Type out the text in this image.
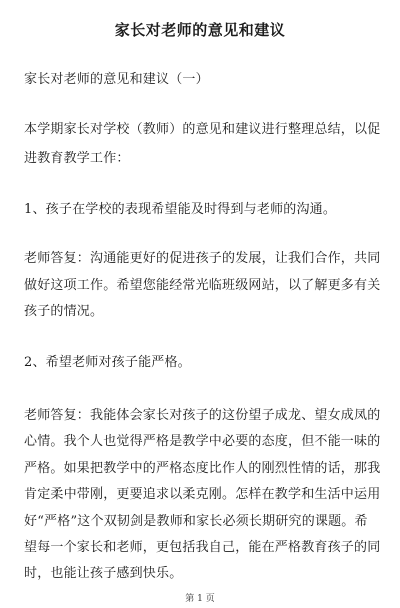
家长对老师的意见和建议
家长对老师的意见和建议（一）
本学期家长对学校（教师）的意见和建议进行整理总结，以促
进教育教学工作：
1、孩子在学校的表现希望能及时得到与老师的沟通。
老师答复：沟通能更好的促进孩子的发展，让我们合作，共同
做好这项工作。希望您能经常光临班级网站，以了解更多有关
孩子的情况。
2、希望老师对孩子能严格。
老师答复：我能体会家长对孩子的这份望子成龙、望女成凤的
心情。我个人也觉得严格是教学中必要的态度，但不能一味的
严格。如果把教学中的严格态度比作人的刚烈性情的话，那我
肯定柔中带刚，更要追求以柔克刚。怎样在教学和生活中运用
好“严格”这个双韧剑是教师和家长必须长期研究的课题。希
望每一个家长和老师，更包括我自己，能在严格教育孩子的同
时，也能让孩子感到快乐。
第 1 页
